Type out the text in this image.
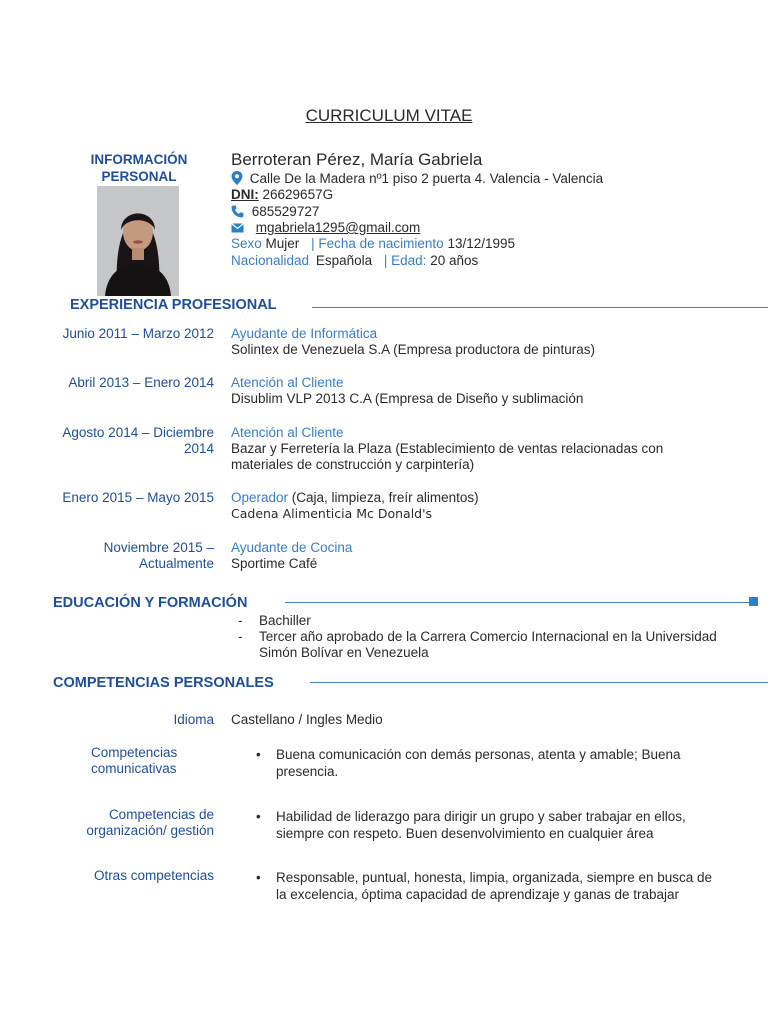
CURRICULUM VITAE
INFORMACIÓN
PERSONAL
Berroteran Pérez, María Gabriela
Calle De la Madera nº1 piso 2 puerta 4. Valencia - Valencia
DNI: 26629657G
685529727
mgabriela1295@gmail.com
Sexo Mujer | Fecha de nacimiento 13/12/1995
Nacionalidad Española | Edad: 20 años
EXPERIENCIA PROFESIONAL
Junio 2011 – Marzo 2012 Ayudante de Informática
Solintex de Venezuela S.A (Empresa productora de pinturas)
Abril 2013 – Enero 2014 Atención al Cliente
Disublim VLP 2013 C.A (Empresa de Diseño y sublimación
Agosto 2014 – Diciembre
2014
Atención al Cliente
Bazar y Ferretería la Plaza (Establecimiento de ventas relacionadas con
materiales de construcción y carpintería)
Enero 2015 – Mayo 2015 Operador (Caja, limpieza, freír alimentos)
Cadena Alimenticia Mc Donald's
Noviembre 2015 –
Actualmente
Ayudante de Cocina
Sportime Café
EDUCACIÓN Y FORMACIÓN
- Bachiller
- Tercer año aprobado de la Carrera Comercio Internacional en la Universidad
Simón Bolívar en Venezuela
COMPETENCIAS PERSONALES
Idioma Castellano / Ingles Medio
Competencias
comunicativas
• Buena comunicación con demás personas, atenta y amable; Buena
presencia.
Competencias de
organización/ gestión
• Habilidad de liderazgo para dirigir un grupo y saber trabajar en ellos,
siempre con respeto. Buen desenvolvimiento en cualquier área
Otras competencias	• Responsable, puntual, honesta, limpia, organizada, siempre en busca de
la excelencia, óptima capacidad de aprendizaje y ganas de trabajar
